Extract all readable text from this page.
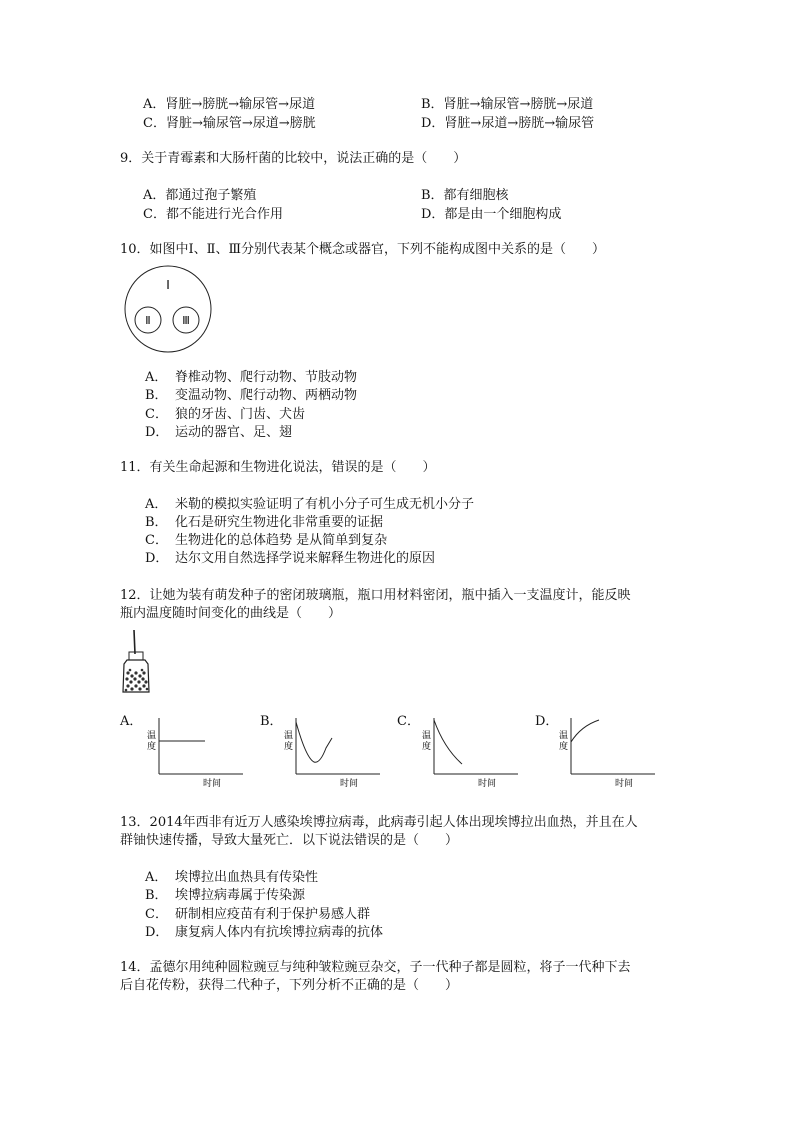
A．肾脏→膀胱→输尿管→尿道	B．肾脏→输尿管→膀胱→尿道
C．肾脏→输尿管→尿道→膀胱	D．肾脏→尿道→膀胱→输尿管
9．关于青霉素和大肠杆菌的比较中，说法正确的是（　　）
A．都通过孢子繁殖	B．都有细胞核
C．都不能进行光合作用	D．都是由一个细胞构成
10．如图中Ⅰ、Ⅱ、Ⅲ分别代表某个概念或器官，下列不能构成图中关系的是（　　）
Ⅰ
Ⅱ	Ⅲ
A． 脊椎动物、爬行动物、节肢动物
B． 变温动物、爬行动物、两栖动物
C． 狼的牙齿、门齿、犬齿
D． 运动的器官、足、翅
11．有关生命起源和生物进化说法，错误的是（　　）
A． 米勒的模拟实验证明了有机小分子可生成无机小分子
B． 化石是研究生物进化非常重要的证据
C． 生物进化的总体趋势 是从简单到复杂
D． 达尔文用自然选择学说来解释生物进化的原因
12．让她为装有萌发种子的密闭玻璃瓶，瓶口用材料密闭，瓶中插入一支温度计，能反映
瓶内温度随时间变化的曲线是（　　）
A．
温
度
时间
B．
温
度
时间
C．
温
度
时间
D．
温
度
时间
13．2014年西非有近万人感染埃博拉病毒，此病毒引起人体出现埃博拉出血热，并且在人
群铀快速传播，导致大量死亡．以下说法错误的是（　　）
A． 埃博拉出血热具有传染性
B． 埃博拉病毒属于传染源
C． 研制相应疫苗有利于保护易感人群
D． 康复病人体内有抗埃博拉病毒的抗体
14．孟德尔用纯种圆粒豌豆与纯种皱粒豌豆杂交，子一代种子都是圆粒，将子一代种下去
后自花传粉，获得二代种子，下列分析不正确的是（　　）
